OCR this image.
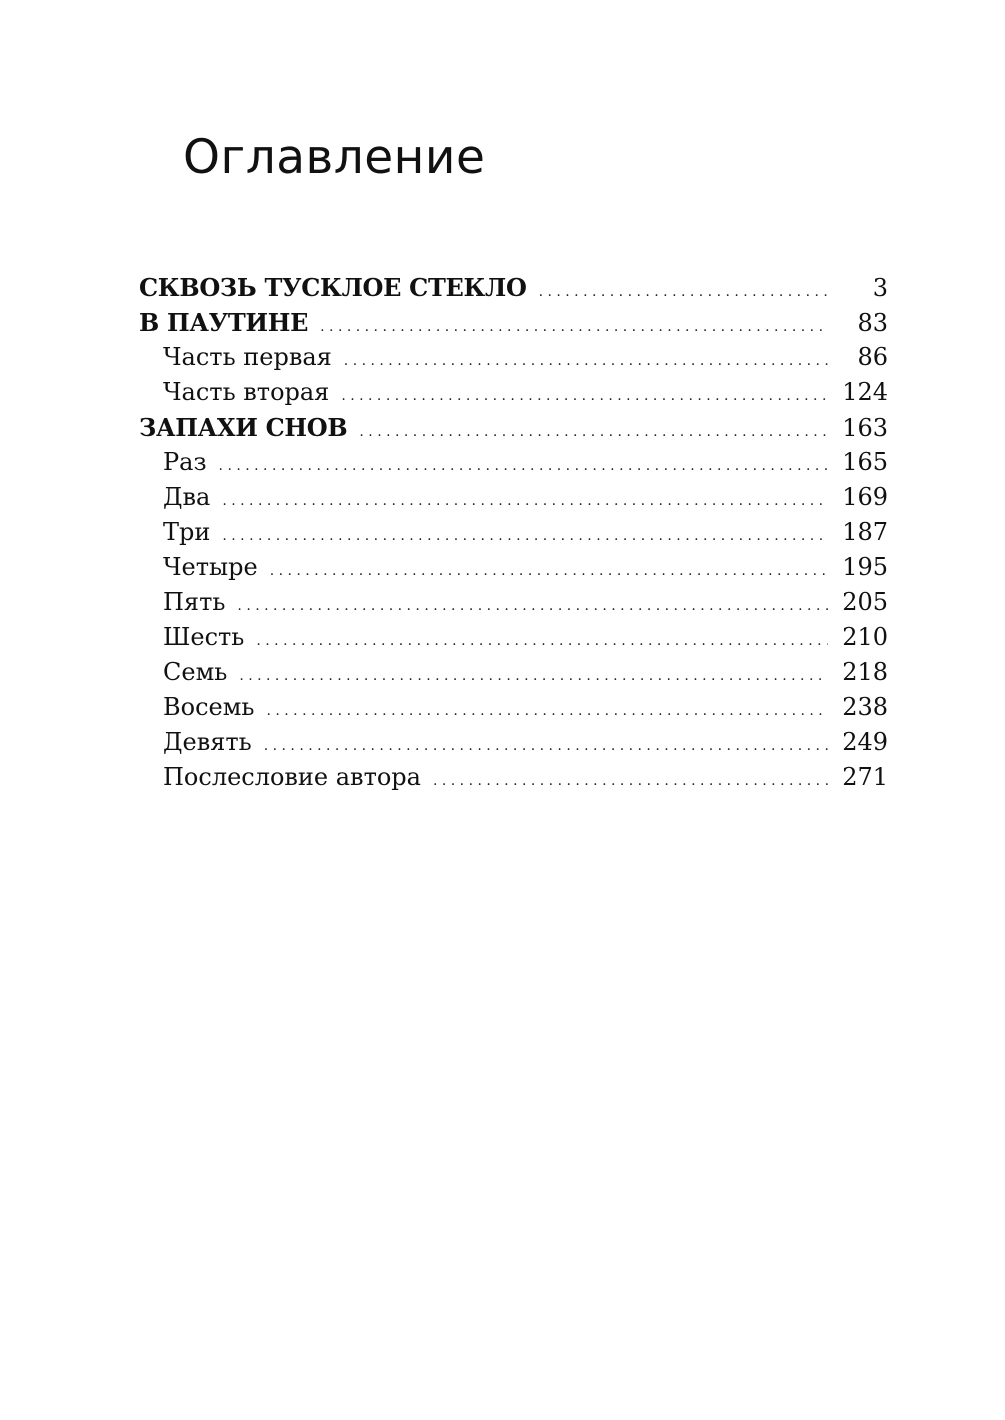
Оглавление
СКВОЗЬ ТУСКЛОЕ СТЕКЛО . . .	3
В ПАУТИНЕ . . .	83
Часть первая . . .	86
Часть вторая . . .	124
ЗАПАХИ СНОВ . . .	163
Раз . . .	165
Два . . .	169
Три . . .	187
Четыре . . .	195
Пять . . .	205
Шесть . . .	210
Семь . . .	218
Восемь . . .	238
Девять . . .	249
Послесловие автора . . .	271
